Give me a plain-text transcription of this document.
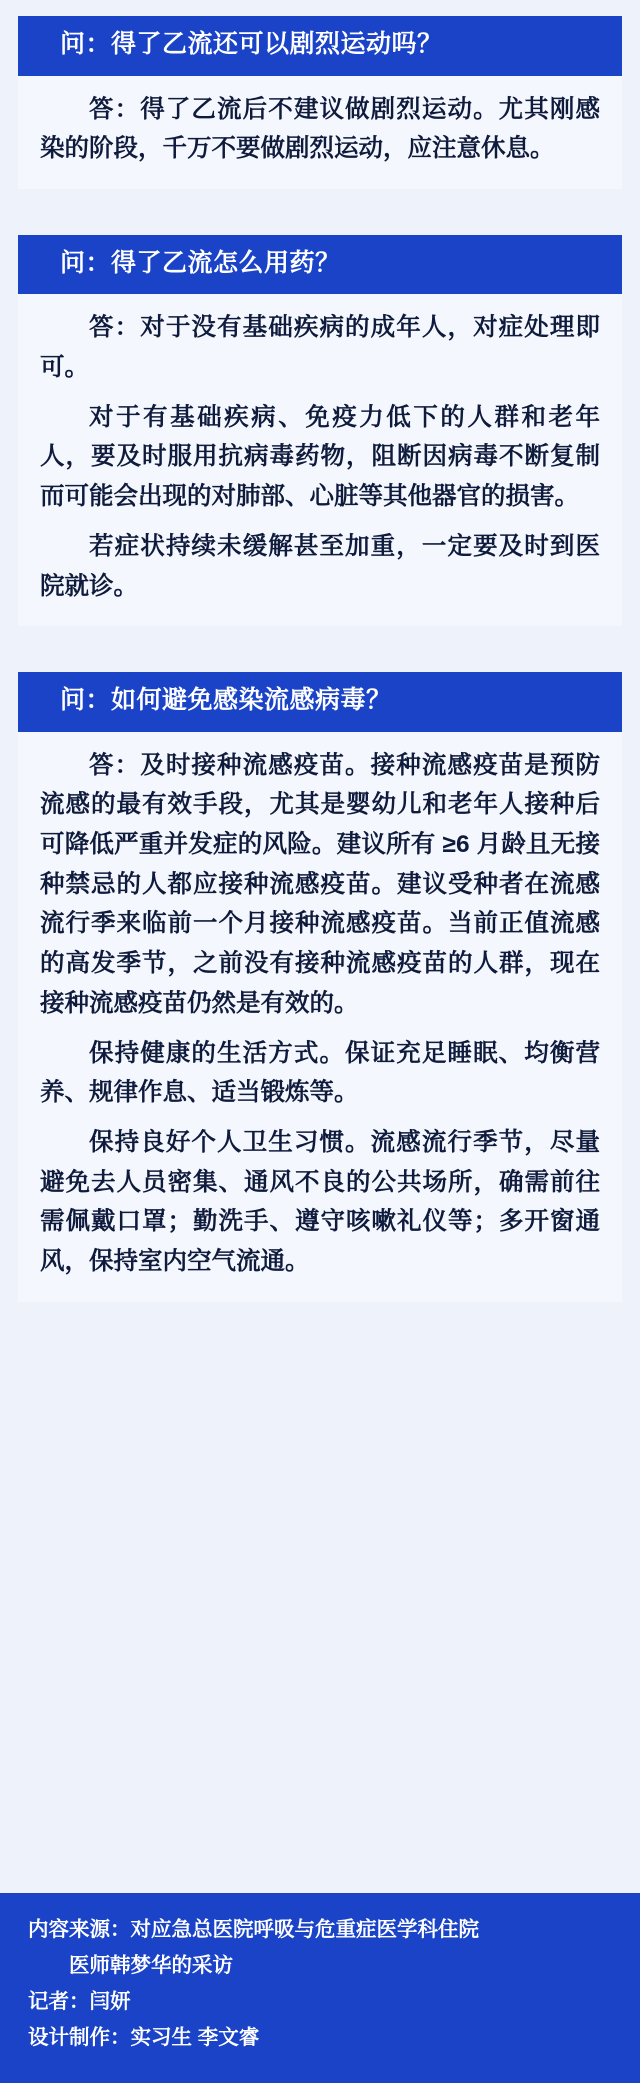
问：得了乙流还可以剧烈运动吗？

答：得了乙流后不建议做剧烈运动。尤其刚感染的阶段，千万不要做剧烈运动，应注意休息。

问：得了乙流怎么用药？

答：对于没有基础疾病的成年人，对症处理即可。

对于有基础疾病、免疫力低下的人群和老年人，要及时服用抗病毒药物，阻断因病毒不断复制而可能会出现的对肺部、心脏等其他器官的损害。

若症状持续未缓解甚至加重，一定要及时到医院就诊。

问：如何避免感染流感病毒？

答：及时接种流感疫苗。接种流感疫苗是预防流感的最有效手段，尤其是婴幼儿和老年人接种后可降低严重并发症的风险。建议所有 ≥6 月龄且无接种禁忌的人都应接种流感疫苗。建议受种者在流感流行季来临前一个月接种流感疫苗。当前正值流感的高发季节，之前没有接种流感疫苗的人群，现在接种流感疫苗仍然是有效的。

保持健康的生活方式。保证充足睡眠、均衡营养、规律作息、适当锻炼等。

保持良好个人卫生习惯。流感流行季节，尽量避免去人员密集、通风不良的公共场所，确需前往需佩戴口罩；勤洗手、遵守咳嗽礼仪等；多开窗通风，保持室内空气流通。

内容来源：对应急总医院呼吸与危重症医学科住院
医师韩梦华的采访
记者：闫妍
设计制作：实习生 李文睿
